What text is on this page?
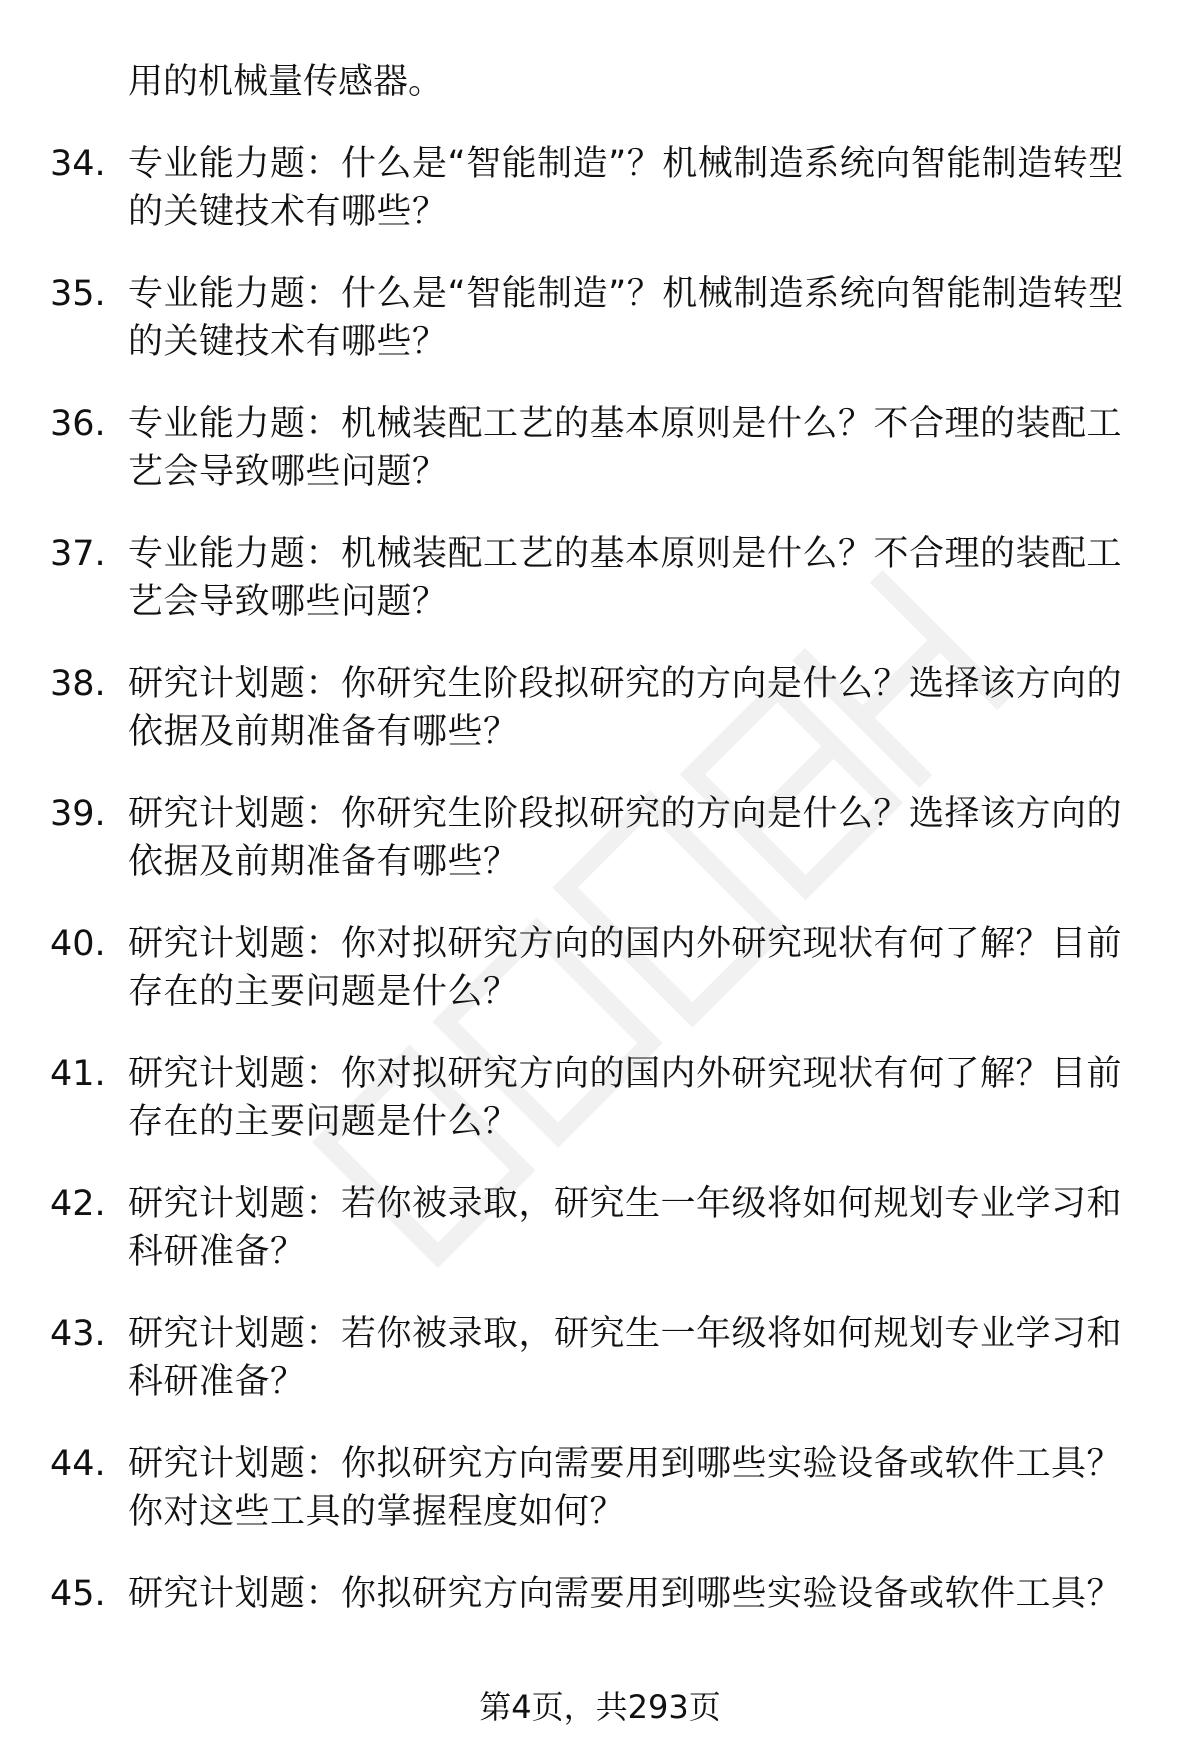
用的机械量传感器。
34. 专业能力题：什么是“智能制造”？机械制造系统向智能制造转型的关键技术有哪些？
35. 专业能力题：什么是“智能制造”？机械制造系统向智能制造转型的关键技术有哪些？
36. 专业能力题：机械装配工艺的基本原则是什么？不合理的装配工艺会导致哪些问题？
37. 专业能力题：机械装配工艺的基本原则是什么？不合理的装配工艺会导致哪些问题？
38. 研究计划题：你研究生阶段拟研究的方向是什么？选择该方向的依据及前期准备有哪些？
39. 研究计划题：你研究生阶段拟研究的方向是什么？选择该方向的依据及前期准备有哪些？
40. 研究计划题：你对拟研究方向的国内外研究现状有何了解？目前存在的主要问题是什么？
41. 研究计划题：你对拟研究方向的国内外研究现状有何了解？目前存在的主要问题是什么？
42. 研究计划题：若你被录取，研究生一年级将如何规划专业学习和科研准备？
43. 研究计划题：若你被录取，研究生一年级将如何规划专业学习和科研准备？
44. 研究计划题：你拟研究方向需要用到哪些实验设备或软件工具？你对这些工具的掌握程度如何？
45. 研究计划题：你拟研究方向需要用到哪些实验设备或软件工具？
第4页，共293页
